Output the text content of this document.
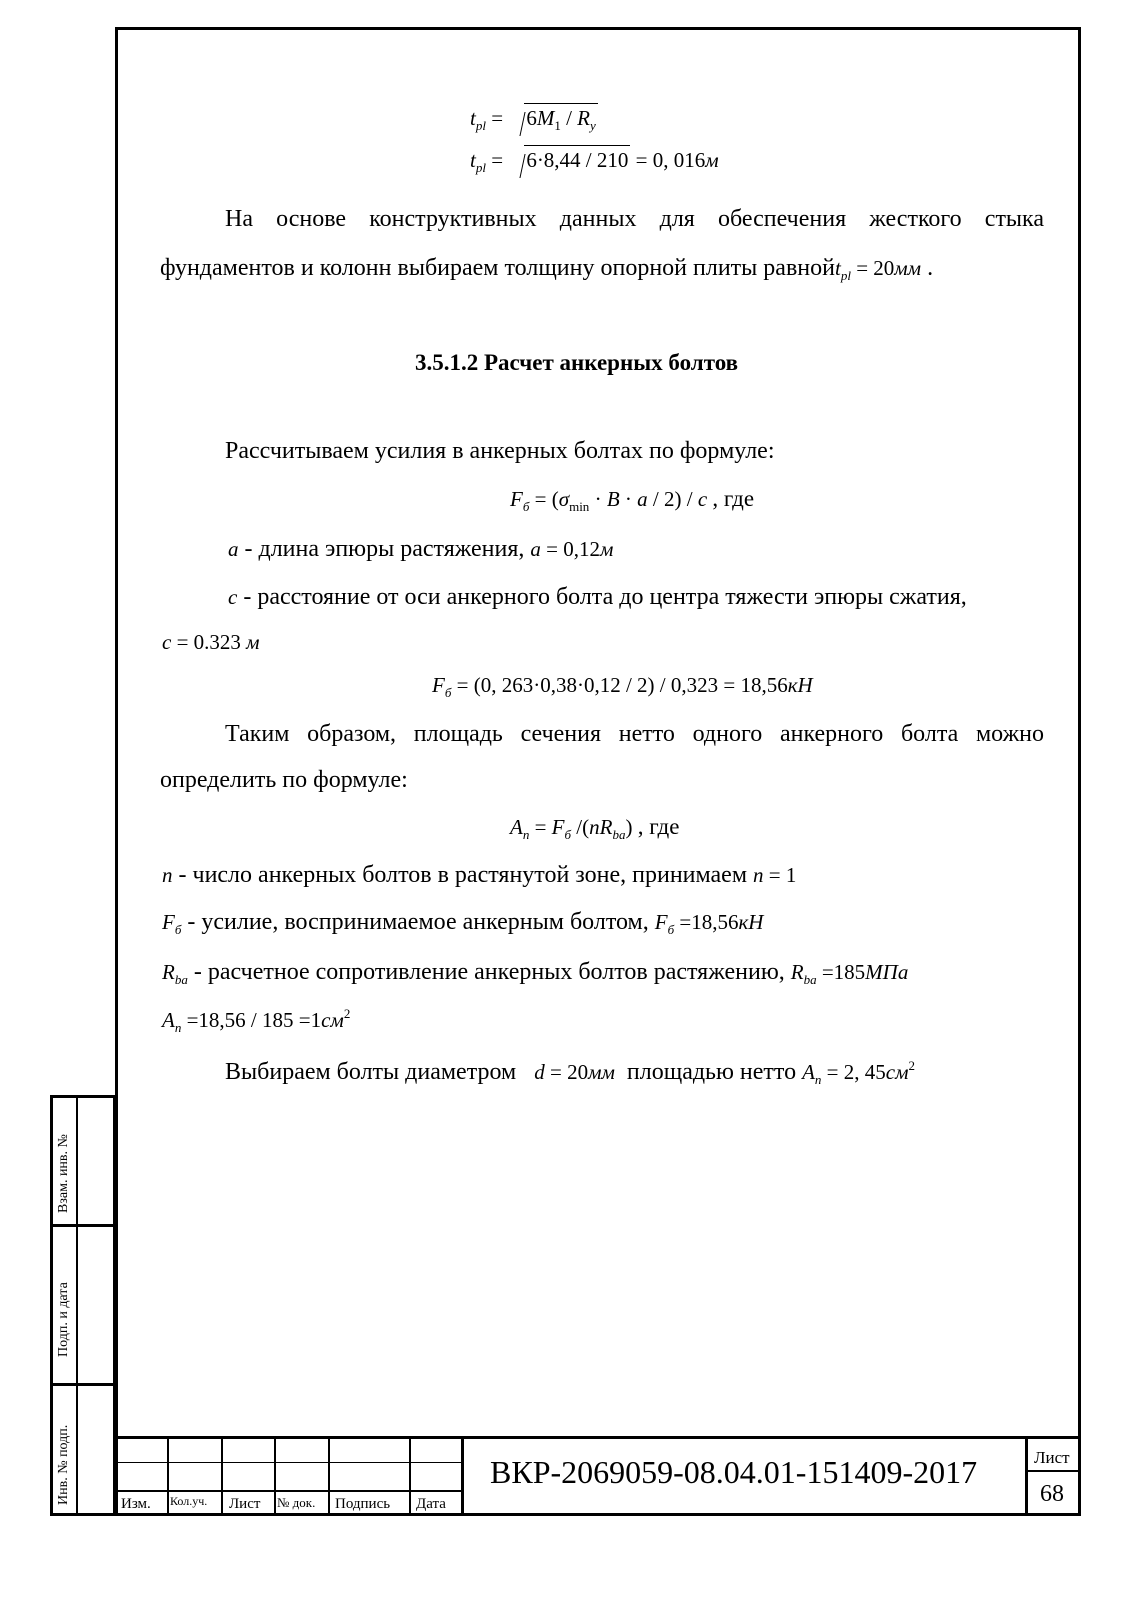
$t_{pl} = 6M_1 / R_y$
$t_{pl} = 6\cdot 8,44 / 210 = 0$, 016м
На основе конструктивных данных для обеспечения жесткого стыка
фундаментов и колонн выбираем толщину опорной плиты равнойt$_{pl}$ = 20мм .
3.5.1.2 Расчет анкерных болтов
Рассчитываем усилия в анкерных болтах по формуле:
$F_б = (\sigma_{min} \cdot B \cdot a / 2) / c$ , где
a - длина эпюры растяжения, a = 0,12м
c - расстояние от оси анкерного болта до центра тяжести эпюры сжатия,
c = 0.323 м
$F_б = (0$, 263·0,38·0,12 / 2) / 0,323 = 18,56кН
Таким образом, площадь сечения нетто одного анкерного болта можно
определить по формуле:
$A_n = F_б$ $/(nR_{ba})$ , где
n - число анкерных болтов в растянутой зоне, принимаем n = 1
$F_б$ - усилие, воспринимаемое анкерным болтом, $F_б =18,56кН$
$R_{ba}$ - расчетное сопротивление анкерных болтов растяжению, $R_{ba} =185МПа$
$A_n =18,56 / 185 =1см^2$
Выбираем болты диаметром d = 20мм площадью нетто $A_n = 2$, $45см^2$
Взам. инв. №
Подп. и дата
Инв. № подп.	Изм. Кол.уч. Лист № док. Подпись Дата
ВКР-2069059-08.04.01-151409-2017	Лист
68
